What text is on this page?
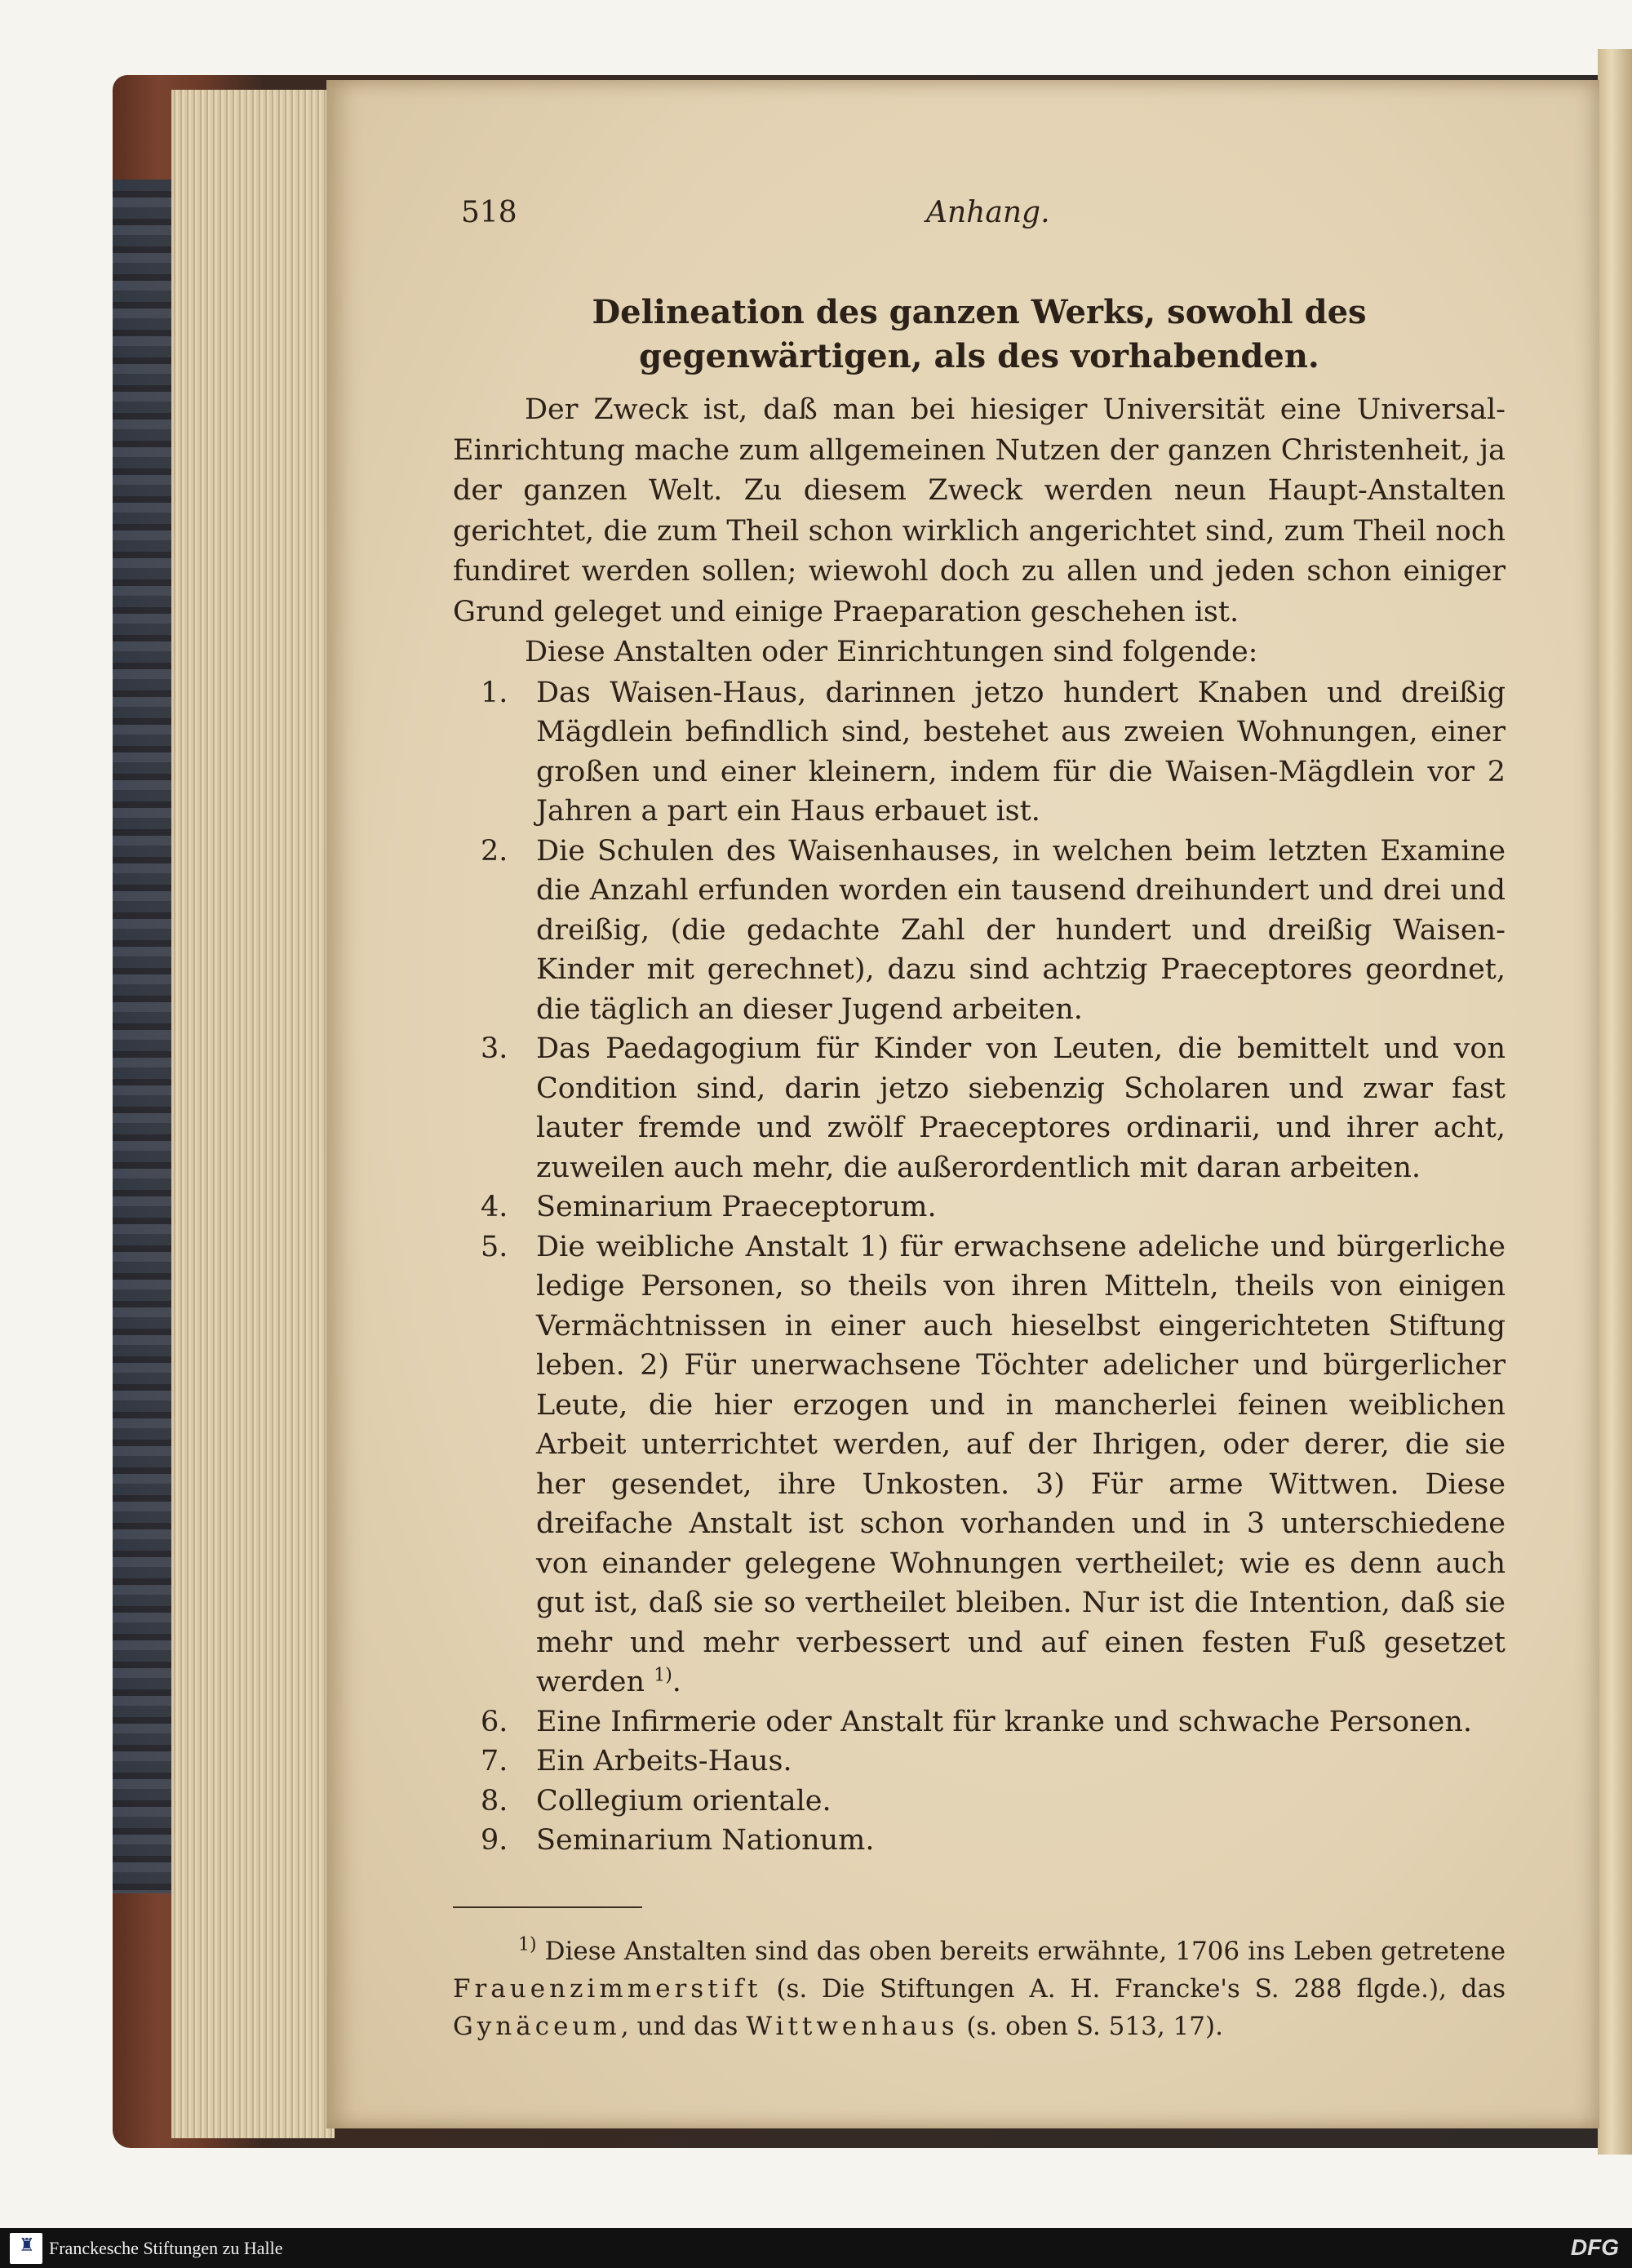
518	Anhang.
Delineation des ganzen Werks, sowohl des gegenwärtigen, als des vorhabenden.

Der Zweck ist, daß man bei hiesiger Universität eine Universal-Einrichtung mache zum allgemeinen Nutzen der ganzen Christenheit, ja der ganzen Welt. Zu diesem Zweck werden neun Haupt-Anstalten gerichtet, die zum Theil schon wirklich angerichtet sind, zum Theil noch fundiret werden sollen; wiewohl doch zu allen und jeden schon einiger Grund geleget und einige Praeparation geschehen ist.

Diese Anstalten oder Einrichtungen sind folgende:

1. Das Waisen-Haus, darinnen jetzo hundert Knaben und dreißig Mägdlein befindlich sind, bestehet aus zweien Wohnungen, einer großen und einer kleinern, indem für die Waisen-Mägdlein vor 2 Jahren a part ein Haus erbauet ist.
2. Die Schulen des Waisenhauses, in welchen beim letzten Examine die Anzahl erfunden worden ein tausend dreihundert und drei und dreißig, (die gedachte Zahl der hundert und dreißig Waisen-Kinder mit gerechnet), dazu sind achtzig Praeceptores geordnet, die täglich an dieser Jugend arbeiten.
3. Das Paedagogium für Kinder von Leuten, die bemittelt und von Condition sind, darin jetzo siebenzig Scholaren und zwar fast lauter fremde und zwölf Praeceptores ordinarii, und ihrer acht, zuweilen auch mehr, die außerordentlich mit daran arbeiten.
4. Seminarium Praeceptorum.
5. Die weibliche Anstalt 1) für erwachsene adeliche und bürgerliche ledige Personen, so theils von ihren Mitteln, theils von einigen Vermächtnissen in einer auch hieselbst eingerichteten Stiftung leben. 2) Für unerwachsene Töchter adelicher und bürgerlicher Leute, die hier erzogen und in mancherlei feinen weiblichen Arbeit unterrichtet werden, auf der Ihrigen, oder derer, die sie her gesendet, ihre Unkosten. 3) Für arme Wittwen. Diese dreifache Anstalt ist schon vorhanden und in 3 unterschiedene von einander gelegene Wohnungen vertheilet; wie es denn auch gut ist, daß sie so vertheilet bleiben. Nur ist die Intention, daß sie mehr und mehr verbessert und auf einen festen Fuß gesetzet werden $^{1)}$.
6. Eine Infirmerie oder Anstalt für kranke und schwache Personen.
7. Ein Arbeits-Haus.
8. Collegium orientale.
9. Seminarium Nationum.

$^{1)}$ Diese Anstalten sind das oben bereits erwähnte, 1706 ins Leben getretene Frauenzimmerstift (s. Die Stiftungen A. H. Francke's S. 288 flgde.), das Gynäceum, und das Wittwenhaus (s. oben S. 513, 17).

♜
Franckesche Stiftungen zu Halle	DFG
